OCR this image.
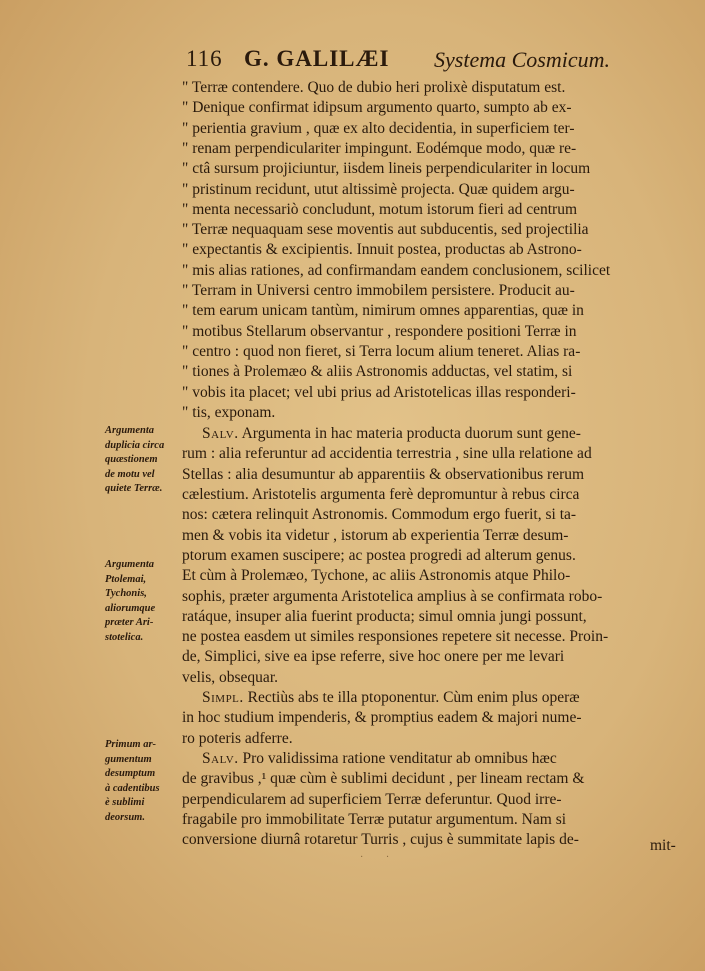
116 G. GALILÆI Systema Cosmicum.
" Terræ contendere. Quo de dubio heri prolixè disputatum est.
" Denique confirmat idipsum argumento quarto, sumpto ab ex-
" perientia gravium , quæ ex alto decidentia, in superficiem ter-
" renam perpendiculariter impingunt. Eodémque modo, quæ re-
" ctâ sursum projiciuntur, iisdem lineis perpendiculariter in locum
" pristinum recidunt, utut altissimè projecta. Quæ quidem argu-
" menta necessariò concludunt, motum istorum fieri ad centrum
" Terræ nequaquam sese moventis aut subducentis, sed projectilia
" expectantis & excipientis. Innuit postea, productas ab Astrono-
" mis alias rationes, ad confirmandam eandem conclusionem, scilicet
" Terram in Universi centro immobilem persistere. Producit au-
" tem earum unicam tantùm, nimirum omnes apparentias, quæ in
" motibus Stellarum observantur , respondere positioni Terræ in
" centro : quod non fieret, si Terra locum alium teneret. Alias ra-
" tiones à Prolemæo & aliis Astronomis adductas, vel statim, si
" vobis ita placet; vel ubi prius ad Aristotelicas illas responderi-
" tis, exponam.
Salv. Argumenta in hac materia producta duorum sunt gene-
rum : alia referuntur ad accidentia terrestria , sine ulla relatione ad
Stellas : alia desumuntur ab apparentiis & observationibus rerum
cælestium. Aristotelis argumenta ferè depromuntur à rebus circa
nos: cætera relinquit Astronomis. Commodum ergo fuerit, si ta-
men & vobis ita videtur , istorum ab experientia Terræ desum-
ptorum examen suscipere; ac postea progredi ad alterum genus.
Et cùm à Prolemæo, Tychone, ac aliis Astronomis atque Philo-
sophis, præter argumenta Aristotelica amplius à se confirmata robo-
ratáque, insuper alia fuerint producta; simul omnia jungi possunt,
ne postea easdem ut similes responsiones repetere sit necesse. Proin-
de, Simplici, sive ea ipse referre, sive hoc onere per me levari
velis, obsequar.
Simpl. Rectiùs abs te illa ptoponentur. Cùm enim plus operæ
in hoc studium impenderis, & promptius eadem & majori nume-
ro poteris adferre.
Salv. Pro validissima ratione venditatur ab omnibus hæc
de gravibus ,¹ quæ cùm è sublimi decidunt , per lineam rectam &
perpendicularem ad superficiem Terræ deferuntur. Quod irre-
fragabile pro immobilitate Terræ putatur argumentum. Nam si
conversione diurnâ rotaretur Turris , cujus è summitate lapis de-
Argumenta
duplicia circa
quæstionem
de motu vel
quiete Terræ.
Argumenta
Ptolemai,
Tychonis,
aliorumque
præter Ari-
stotelica.
Primum ar-
gumentum
desumptum
à cadentibus
è sublimi
deorsum.
mit-
· ·
